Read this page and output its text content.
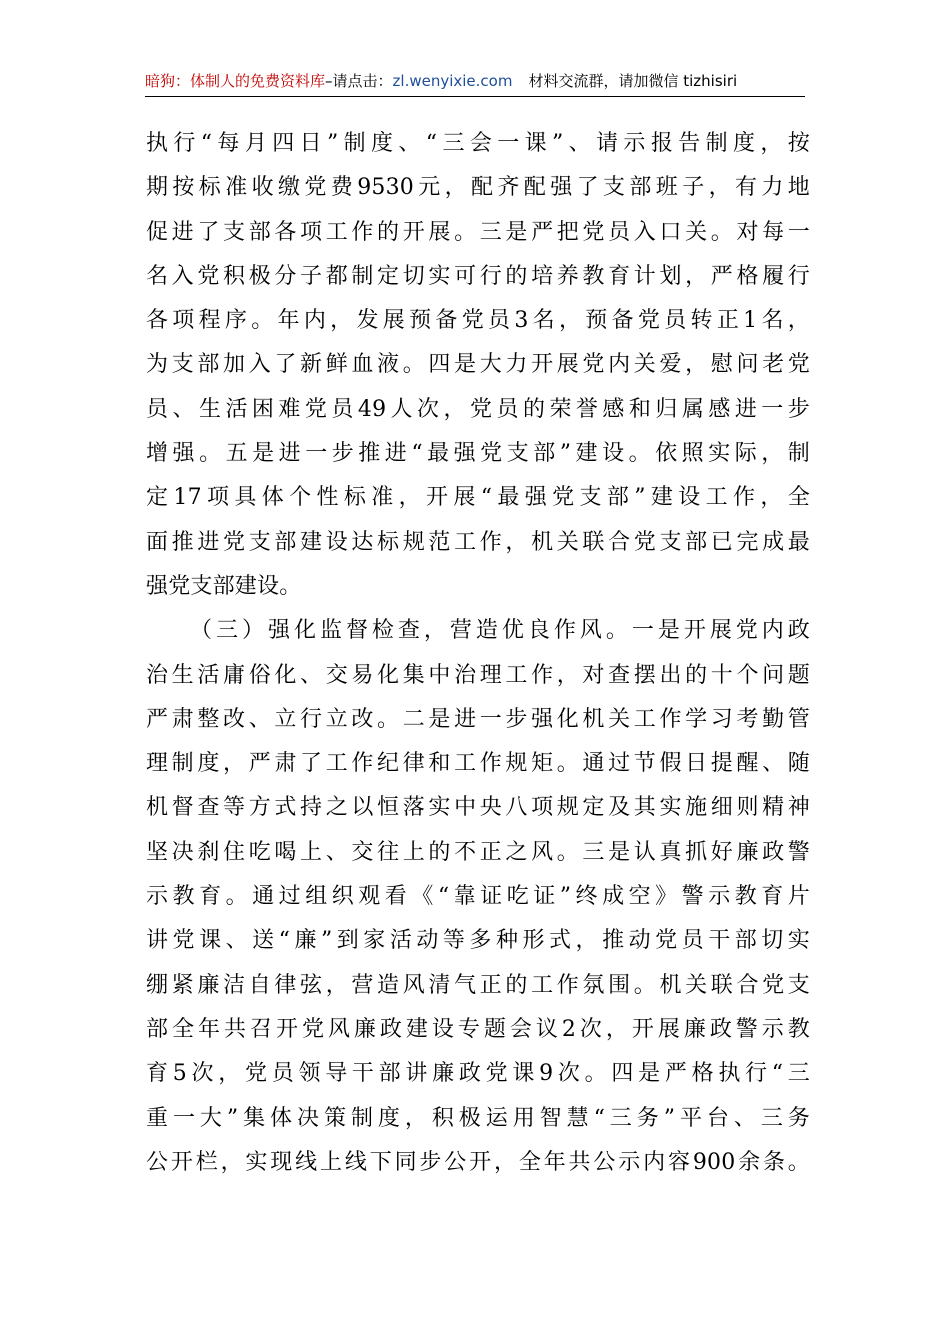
暗狗：体制人的免费资料库–请点击：zl.wenyixie.com 材料交流群，请加微信 tizhisiri
执行“每月四日”制度、“三会一课”、请示报告制度，按
期按标准收缴党费9530元，配齐配强了支部班子，有力地
促进了支部各项工作的开展。三是严把党员入口关。对每一
名入党积极分子都制定切实可行的培养教育计划，严格履行
各项程序。年内，发展预备党员3名，预备党员转正1名，
为支部加入了新鲜血液。四是大力开展党内关爱，慰问老党
员、生活困难党员49人次，党员的荣誉感和归属感进一步
增强。五是进一步推进“最强党支部”建设。依照实际，制
定17项具体个性标准，开展“最强党支部”建设工作，全
面推进党支部建设达标规范工作，机关联合党支部已完成最
强党支部建设。
（三）强化监督检查，营造优良作风。一是开展党内政
治生活庸俗化、交易化集中治理工作，对查摆出的十个问题
严肃整改、立行立改。二是进一步强化机关工作学习考勤管
理制度，严肃了工作纪律和工作规矩。通过节假日提醒、随
机督查等方式持之以恒落实中央八项规定及其实施细则精神
坚决刹住吃喝上、交往上的不正之风。三是认真抓好廉政警
示教育。通过组织观看《“靠证吃证”终成空》警示教育片
讲党课、送“廉”到家活动等多种形式，推动党员干部切实
绷紧廉洁自律弦，营造风清气正的工作氛围。机关联合党支
部全年共召开党风廉政建设专题会议2次，开展廉政警示教
育5次，党员领导干部讲廉政党课9次。四是严格执行“三
重一大”集体决策制度，积极运用智慧“三务”平台、三务
公开栏，实现线上线下同步公开，全年共公示内容900余条。
